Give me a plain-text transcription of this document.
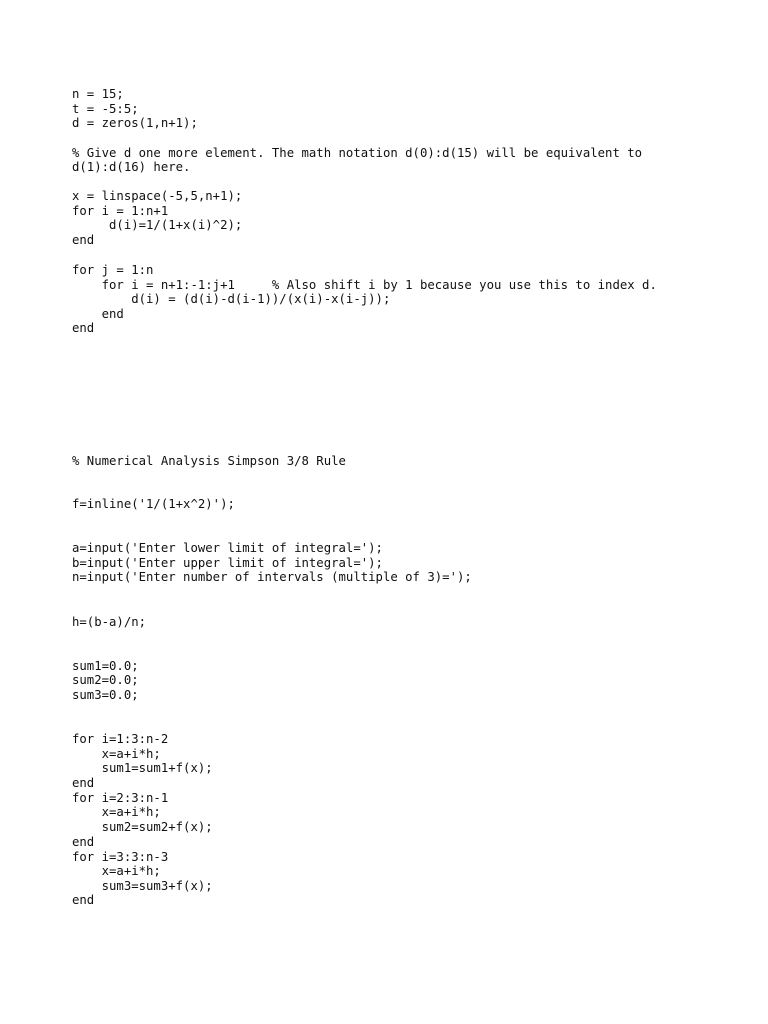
n = 15;
t = -5:5;
d = zeros(1,n+1);
% Give d one more element. The math notation d(0):d(15) will be equivalent to
d(1):d(16) here.
x = linspace(-5,5,n+1);
for i = 1:n+1
d(i)=1/(1+x(i)^2);
end
for j = 1:n
for i = n+1:-1:j+1     % Also shift i by 1 because you use this to index d.
d(i) = (d(i)-d(i-1))/(x(i)-x(i-j));
end
end
% Numerical Analysis Simpson 3/8 Rule
f=inline('1/(1+x^2)');
a=input('Enter lower limit of integral=');
b=input('Enter upper limit of integral=');
n=input('Enter number of intervals (multiple of 3)=');
h=(b-a)/n;
sum1=0.0;
sum2=0.0;
sum3=0.0;
for i=1:3:n-2
x=a+i*h;
sum1=sum1+f(x);
end
for i=2:3:n-1
x=a+i*h;
sum2=sum2+f(x);
end
for i=3:3:n-3
x=a+i*h;
sum3=sum3+f(x);
end
